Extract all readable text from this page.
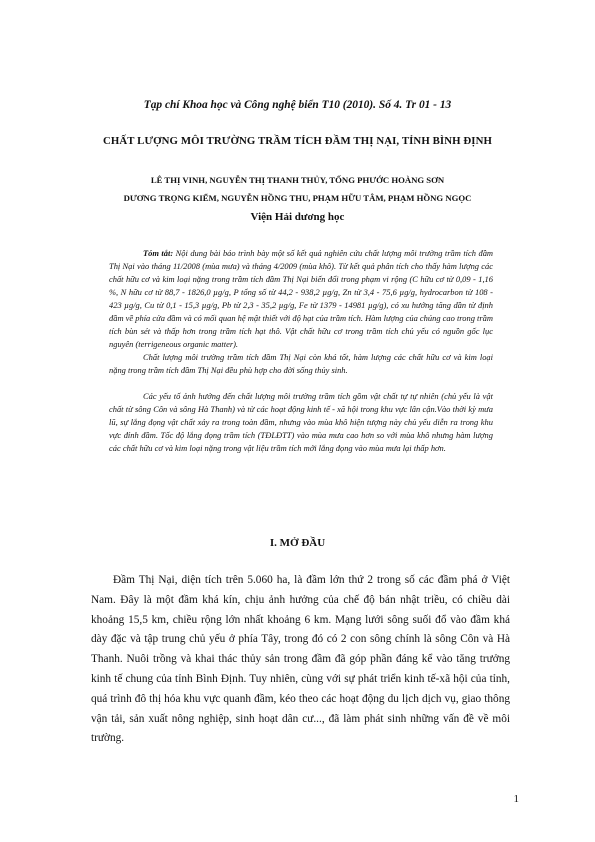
Tạp chí Khoa học và Công nghệ biển T10 (2010). Số 4. Tr 01 - 13
CHẤT LƯỢNG MÔI TRƯỜNG TRẦM TÍCH ĐẦM THỊ NẠI, TỈNH BÌNH ĐỊNH
LÊ THỊ VINH, NGUYỄN THỊ THANH THỦY, TỐNG PHƯỚC HOÀNG SƠN
DƯƠNG TRỌNG KIỂM, NGUYỄN HỒNG THU, PHẠM HỮU TÂM, PHẠM HỒNG NGỌC
Viện Hải dương học

Tóm tắt: Nội dung bài báo trình bày một số kết quả nghiên cứu chất lượng môi trường trầm tích đầm Thị Nại vào tháng 11/2008 (mùa mưa) và tháng 4/2009 (mùa khô). Từ kết quả phân tích cho thấy hàm lượng các chất hữu cơ và kim loại nặng trong trầm tích đầm Thị Nại biến đổi trong phạm vi rộng (C hữu cơ từ 0,09 - 1,16 %, N hữu cơ từ 88,7 - 1826,0 µg/g, P tổng số từ 44,2 - 938,2 µg/g, Zn từ 3,4 - 75,6 µg/g, hydrocarbon từ 108 - 423 µg/g, Cu từ 0,1 - 15,3 µg/g, Pb từ 2,3 - 35,2 µg/g, Fe từ 1379 - 14981 µg/g), có xu hướng tăng dần từ định đầm về phía cửa đầm và có mối quan hệ mật thiết với độ hạt của trầm tích. Hàm lượng của chúng cao trong trầm tích bùn sét và thấp hơn trong trầm tích hạt thô. Vật chất hữu cơ trong trầm tích chủ yếu có nguồn gốc lục nguyên (terrigeneous organic matter).

Chất lượng môi trường trầm tích đầm Thị Nại còn khá tốt, hàm lượng các chất hữu cơ và kim loại nặng trong trầm tích đầm Thị Nại đều phù hợp cho đời sống thủy sinh.

Các yếu tố ảnh hưởng đến chất lượng môi trường trầm tích gồm vật chất tự tự nhiên (chủ yếu là vật chất từ sông Côn và sông Hà Thanh) và từ các hoạt động kinh tế - xã hội trong khu vực lân cận.Vào thời kỳ mưa lũ, sự lắng đọng vật chất xảy ra trong toàn đầm, nhưng vào mùa khô hiện tượng này chủ yếu diễn ra trong khu vực đỉnh đầm. Tốc độ lắng đọng trầm tích (TĐLĐTT) vào mùa mưa cao hơn so với mùa khô nhưng hàm lượng các chất hữu cơ và kim loại nặng trong vật liệu trầm tích mới lắng đọng vào mùa mưa lại thấp hơn.

I. MỞ ĐẦU

Đầm Thị Nại, diện tích trên 5.060 ha, là đầm lớn thứ 2 trong số các đầm phá ở Việt Nam. Đây là một đầm khá kín, chịu ảnh hưởng của chế độ bán nhật triều, có chiều dài khoảng 15,5 km, chiều rộng lớn nhất khoảng 6 km. Mạng lưới sông suối đổ vào đầm khá dày đặc và tập trung chủ yếu ở phía Tây, trong đó có 2 con sông chính là sông Côn và Hà Thanh. Nuôi trồng và khai thác thủy sản trong đầm đã góp phần đáng kể vào tăng trưởng kinh tế chung của tỉnh Bình Định. Tuy nhiên, cùng với sự phát triển kinh tế-xã hội của tỉnh, quá trình đô thị hóa khu vực quanh đầm, kéo theo các hoạt động du lịch dịch vụ, giao thông vận tải, sản xuất nông nghiệp, sinh hoạt dân cư..., đã làm phát sinh những vấn đề về môi trường.

1
